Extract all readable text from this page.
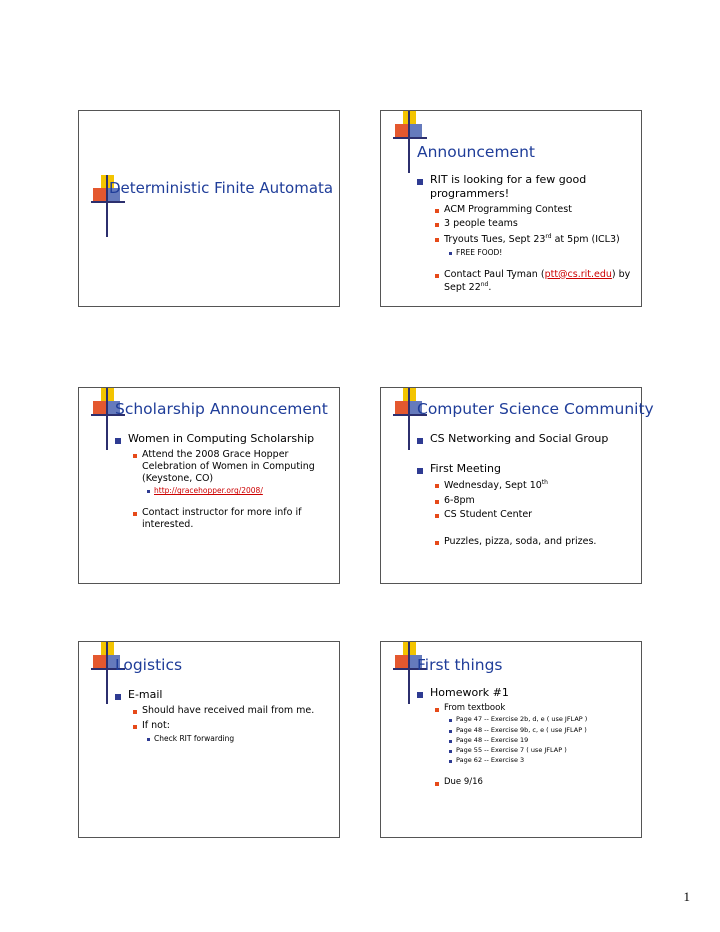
Deterministic Finite Automata
Announcement
RIT is looking for a few good programmers!
ACM Programming Contest
3 people teams
Tryouts Tues, Sept 23rd at 5pm (ICL3)
FREE FOOD!
Contact Paul Tyman (ptt@cs.rit.edu) by Sept 22nd.
Scholarship Announcement
Women in Computing Scholarship
Attend the 2008 Grace Hopper Celebration of Women in Computing (Keystone, CO)
http://gracehopper.org/2008/
Contact instructor for more info if interested.
Computer Science Community
CS Networking and Social Group
First Meeting
Wednesday, Sept 10th
6-8pm
CS Student Center
Puzzles, pizza, soda, and prizes.
Logistics
E-mail
Should have received mail from me.
If not:
Check RIT forwarding
First things
Homework #1
From textbook
Page 47 -- Exercise 2b, d, e ( use JFLAP )
Page 48 -- Exercise 9b, c, e ( use JFLAP )
Page 48 -- Exercise 19
Page 55 -- Exercise 7 ( use JFLAP )
Page 62 -- Exercise 3
Due 9/16
1
